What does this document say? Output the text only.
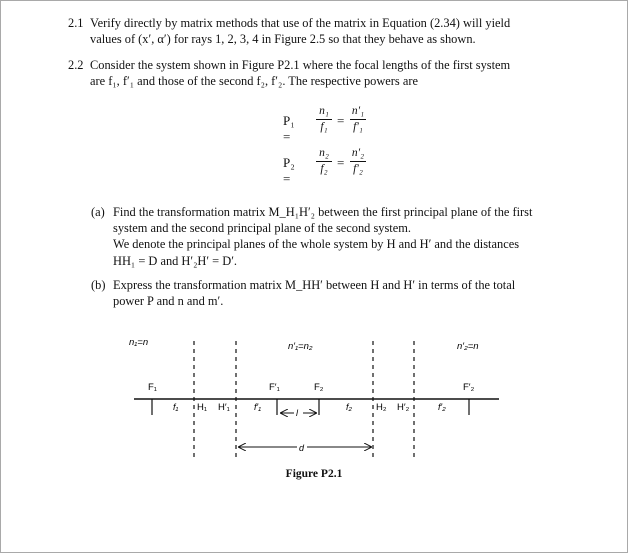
2.1 Verify directly by matrix methods that use of the matrix in Equation (2.34) will yield
values of (x′, α′) for rays 1, 2, 3, 4 in Figure 2.5 so that they behave as shown.
2.2 Consider the system shown in Figure P2.1 where the focal lengths of the first system
are f₁, f′₁ and those of the second f₂, f′₂. The respective powers are
P₁ =
n₁
f₁ =
n′₁
f′₁
P₂ =
n₂
f₂ =
n′₂
f′₂
(a) Find the transformation matrix M_H₁H′₂ between the first principal plane of the first
system and the second principal plane of the second system.
We denote the principal planes of the whole system by H and H′ and the distances
HH₁ = D and H′₂H′ = D′.
(b) Express the transformation matrix M_HH′ between H and H′ in terms of the total
power P and n and m′.
n₁=n	n′₁=n₂	n′₂=n
F₁	F′₁	F₂	F′₂
f₁ H₁ H′₁	f′₁	f₂	H₂ H′₂	f′₂
l
d
Figure P2.1
